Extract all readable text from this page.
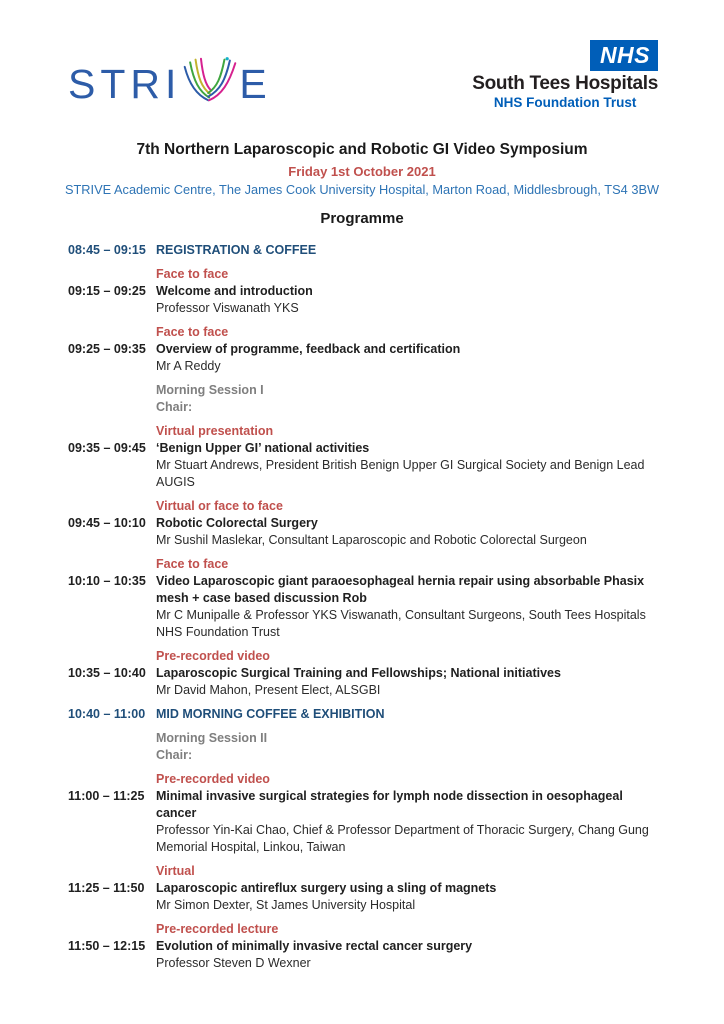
STRI E
NHS
South Tees Hospitals
NHS Foundation Trust
7th Northern Laparoscopic and Robotic GI Video Symposium
Friday 1st October 2021
STRIVE Academic Centre, The James Cook University Hospital, Marton Road, Middlesbrough, TS4 3BW
Programme
08:45 – 09:15 REGISTRATION & COFFEE
09:15 – 09:25
Face to face
Welcome and introduction
Professor Viswanath YKS
09:25 – 09:35
Face to face
Overview of programme, feedback and certification
Mr A Reddy
Morning Session I
Chair:
09:35 – 09:45
Virtual presentation
‘Benign Upper GI’ national activities
Mr Stuart Andrews, President British Benign Upper GI Surgical Society and Benign Lead AUGIS
09:45 – 10:10
Virtual or face to face
Robotic Colorectal Surgery
Mr Sushil Maslekar, Consultant Laparoscopic and Robotic Colorectal Surgeon
10:10 – 10:35
Face to face
Video Laparoscopic giant paraoesophageal hernia repair using absorbable Phasix mesh + case based discussion Rob
Mr C Munipalle & Professor YKS Viswanath, Consultant Surgeons, South Tees Hospitals NHS Foundation Trust
10:35 – 10:40
Pre-recorded video
Laparoscopic Surgical Training and Fellowships; National initiatives
Mr David Mahon, Present Elect, ALSGBI
10:40 – 11:00 MID MORNING COFFEE & EXHIBITION
Morning Session II
Chair:
11:00 – 11:25
Pre-recorded video
Minimal invasive surgical strategies for lymph node dissection in oesophageal cancer
Professor Yin-Kai Chao, Chief & Professor Department of Thoracic Surgery, Chang Gung Memorial Hospital, Linkou, Taiwan
11:25 – 11:50
Virtual
Laparoscopic antireflux surgery using a sling of magnets
Mr Simon Dexter, St James University Hospital
11:50 – 12:15
Pre-recorded lecture
Evolution of minimally invasive rectal cancer surgery
Professor Steven D Wexner
